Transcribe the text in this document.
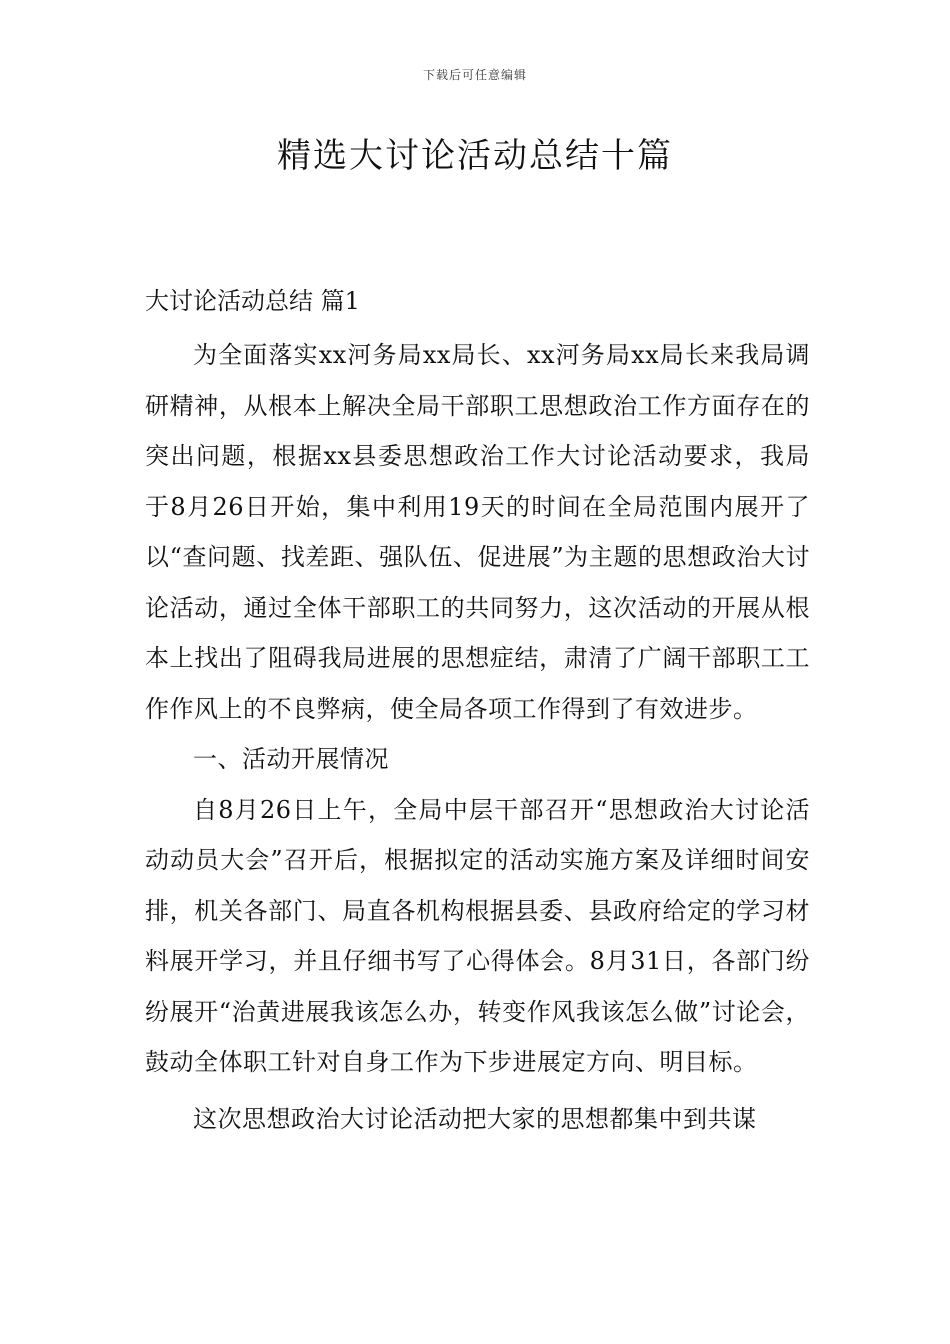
下载后可任意编辑
精选大讨论活动总结十篇
大讨论活动总结 篇1

为全面落实xx河务局xx局长、xx河务局xx局长来我局调研精神，从根本上解决全局干部职工思想政治工作方面存在的突出问题，根据xx县委思想政治工作大讨论活动要求，我局于8月26日开始，集中利用19天的时间在全局范围内展开了以“查问题、找差距、强队伍、促进展”为主题的思想政治大讨论活动，通过全体干部职工的共同努力，这次活动的开展从根本上找出了阻碍我局进展的思想症结，肃清了广阔干部职工工作作风上的不良弊病，使全局各项工作得到了有效进步。

一、活动开展情况

自8月26日上午，全局中层干部召开“思想政治大讨论活动动员大会”召开后，根据拟定的活动实施方案及详细时间安排，机关各部门、局直各机构根据县委、县政府给定的学习材料展开学习，并且仔细书写了心得体会。8月31日，各部门纷纷展开“治黄进展我该怎么办，转变作风我该怎么做”讨论会，鼓动全体职工针对自身工作为下步进展定方向、明目标。

这次思想政治大讨论活动把大家的思想都集中到共谋
